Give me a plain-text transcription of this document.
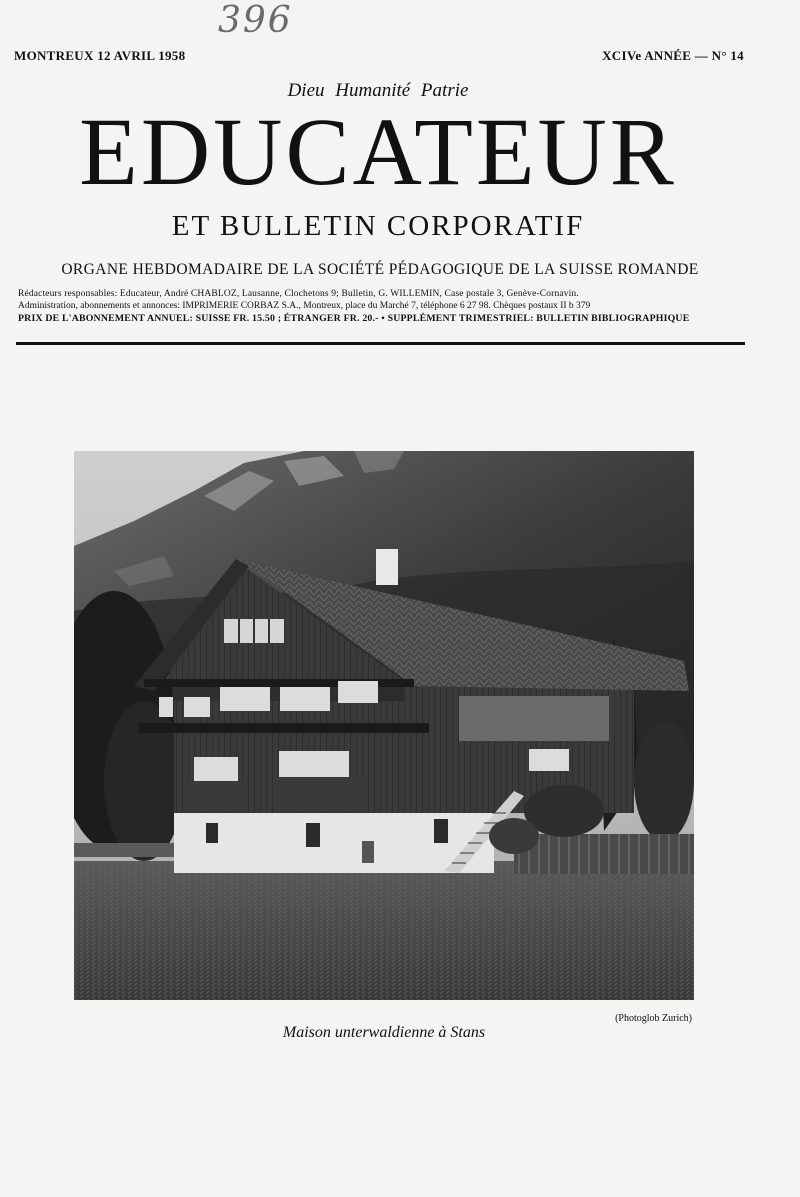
396
MONTREUX 12 AVRIL 1958	XCIVe ANNÉE — N° 14
Dieu Humanité Patrie
EDUCATEUR
ET BULLETIN CORPORATIF
ORGANE HEBDOMADAIRE DE LA SOCIÉTÉ PÉDAGOGIQUE DE LA SUISSE ROMANDE
Rédacteurs responsables: Educateur, André CHABLOZ, Lausanne, Clochetons 9; Bulletin, G. WILLEMIN, Case postale 3, Genève-Cornavin.
Administration, abonnements et annonces: IMPRIMERIE CORBAZ S.A., Montreux, place du Marché 7, téléphone 6 27 98. Chèques postaux II b 379
PRIX DE L'ABONNEMENT ANNUEL: SUISSE FR. 15.50 ; ÉTRANGER FR. 20.- • SUPPLÉMENT TRIMESTRIEL: BULLETIN BIBLIOGRAPHIQUE
(Photoglob Zurich)
Maison unterwaldienne à Stans
